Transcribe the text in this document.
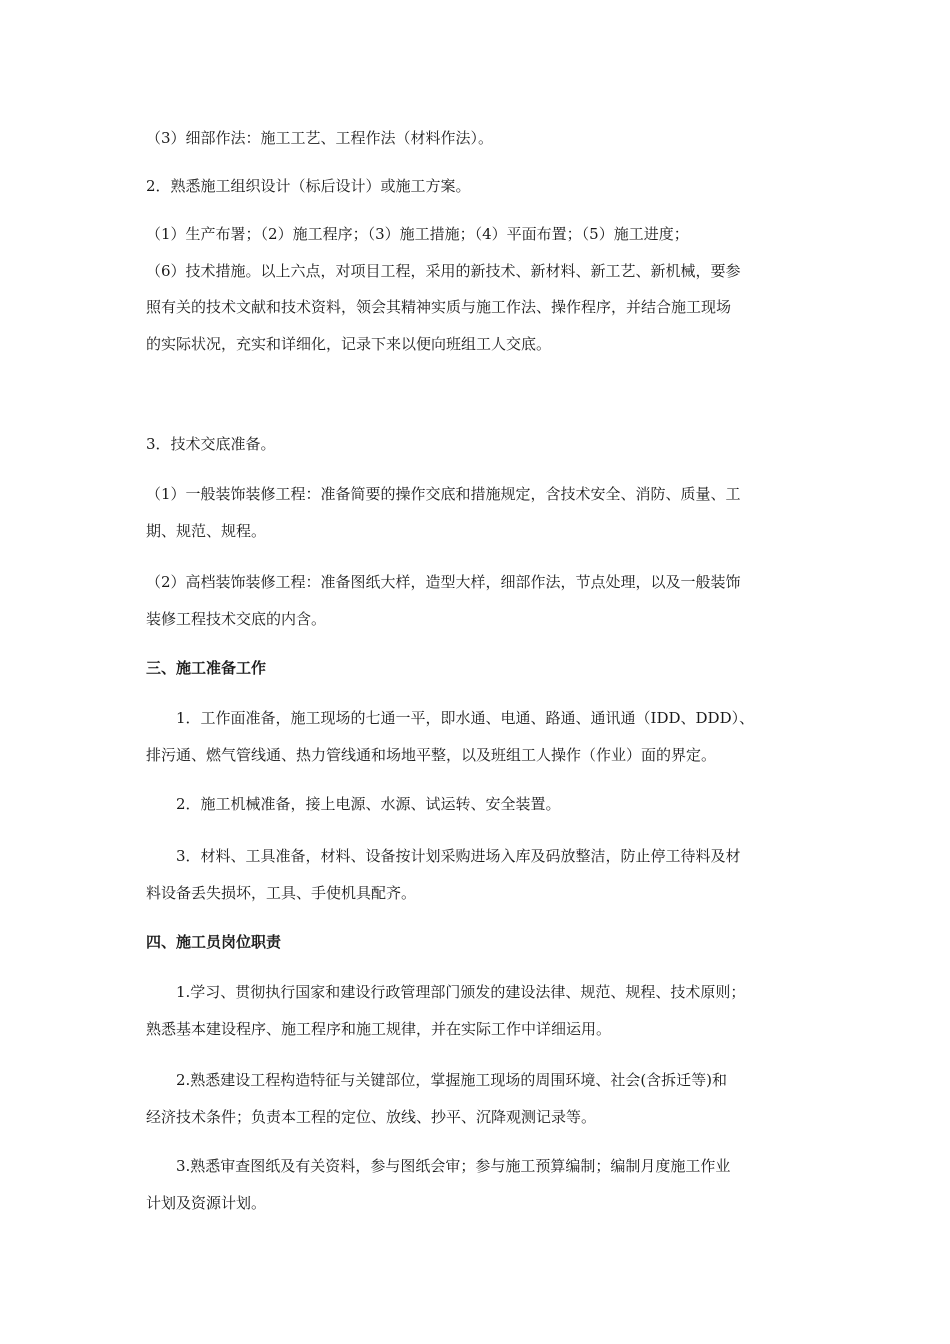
（3）细部作法：施工工艺、工程作法（材料作法）。

2．熟悉施工组织设计（标后设计）或施工方案。

（1）生产布署；（2）施工程序；（3）施工措施；（4）平面布置；（5）施工进度；
（6）技术措施。以上六点，对项目工程，采用的新技术、新材料、新工艺、新机械，要参
照有关的技术文献和技术资料，领会其精神实质与施工作法、操作程序，并结合施工现场
的实际状况，充实和详细化，记录下来以便向班组工人交底。

3．技术交底准备。

（1）一般装饰装修工程：准备简要的操作交底和措施规定，含技术安全、消防、质量、工
期、规范、规程。

（2）高档装饰装修工程：准备图纸大样，造型大样，细部作法，节点处理，以及一般装饰
装修工程技术交底的内含。

三、施工准备工作

1．工作面准备，施工现场的七通一平，即水通、电通、路通、通讯通（IDD、DDD）、
排污通、燃气管线通、热力管线通和场地平整，以及班组工人操作（作业）面的界定。

2．施工机械准备，接上电源、水源、试运转、安全装置。

3．材料、工具准备，材料、设备按计划采购进场入库及码放整洁，防止停工待料及材
料设备丢失损坏，工具、手使机具配齐。

四、施工员岗位职责

1.学习、贯彻执行国家和建设行政管理部门颁发的建设法律、规范、规程、技术原则；
熟悉基本建设程序、施工程序和施工规律，并在实际工作中详细运用。

2.熟悉建设工程构造特征与关键部位，掌握施工现场的周围环境、社会(含拆迁等)和
经济技术条件；负责本工程的定位、放线、抄平、沉降观测记录等。

3.熟悉审查图纸及有关资料，参与图纸会审；参与施工预算编制；编制月度施工作业
计划及资源计划。
